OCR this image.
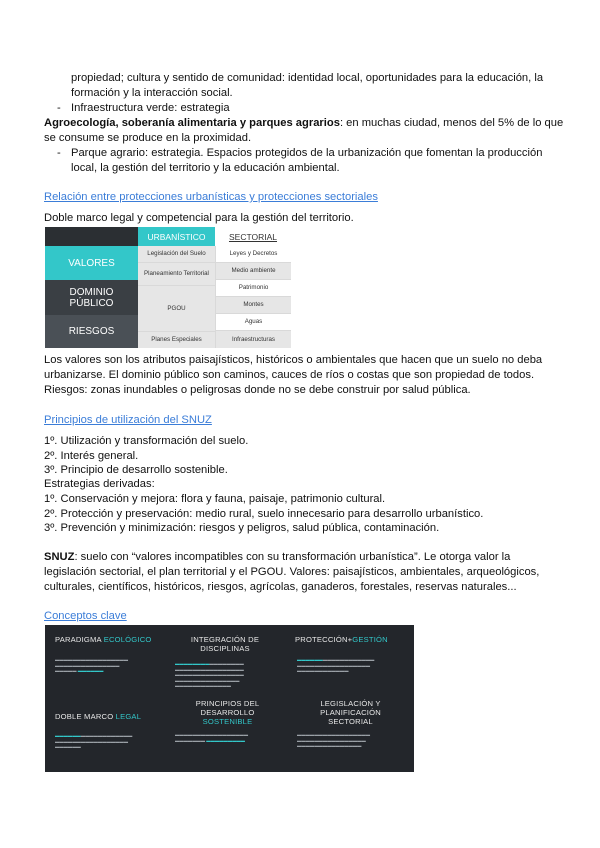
propiedad; cultura y sentido de comunidad: identidad local, oportunidades para la educación, la
formación y la interacción social.
- Infraestructura verde: estrategia
Agroecología, soberanía alimentaria y parques agrarios: en muchas ciudad, menos del 5% de lo que
se consume se produce en la proximidad.
- Parque agrario: estrategia. Espacios protegidos de la urbanización que fomentan la producción
local, la gestión del territorio y la educación ambiental.
Relación entre protecciones urbanísticas y protecciones sectoriales
Doble marco legal y competencial para la gestión del territorio.
URBANÍSTICO	SECTORIAL
VALORES
DOMINIO PÚBLICO
RIESGOS
Legislación del Suelo
Planeamiento Territorial
PGOU
Planes Especiales
Leyes y Decretos
Medio ambiente
Patrimonio
Montes
Aguas
Infraestructuras
Los valores son los atributos paisajísticos, históricos o ambientales que hacen que un suelo no deba
urbanizarse. El dominio público son caminos, cauces de ríos o costas que son propiedad de todos.
Riesgos: zonas inundables o peligrosas donde no se debe construir por salud pública.
Principios de utilización del SNUZ
1º. Utilización y transformación del suelo.
2º. Interés general.
3º. Principio de desarrollo sostenible.
Estrategias derivadas:
1º. Conservación y mejora: flora y fauna, paisaje, patrimonio cultural.
2º. Protección y preservación: medio rural, suelo innecesario para desarrollo urbanístico.
3º. Prevención y minimización: riesgos y peligros, salud pública, contaminación.
SNUZ: suelo con “valores incompatibles con su transformación urbanística”. Le otorga valor la
legislación sectorial, el plan territorial y el PGOU. Valores: paisajísticos, ambientales, arqueológicos,
culturales, científicos, históricos, riesgos, agrícolas, ganaderos, forestales, reservas naturales...
Conceptos clave
PARADIGMA ECOLÓGICO
▬▬▬▬▬▬▬▬▬▬▬▬▬▬▬▬▬
▬▬▬▬▬▬▬▬▬▬▬▬▬▬▬
▬▬▬▬▬ ▬▬▬▬▬▬
INTEGRACIÓN DE DISCIPLINAS
▬▬▬▬▬▬▬▬▬▬▬▬▬▬▬▬
▬▬▬▬▬▬▬▬▬▬▬▬▬▬▬▬
▬▬▬▬▬▬▬▬▬▬▬▬▬▬▬▬
▬▬▬▬▬▬▬▬▬▬▬▬▬▬▬
▬▬▬▬▬▬▬▬▬▬▬▬▬
PROTECCIÓN+GESTIÓN
▬▬▬▬▬▬▬▬▬▬▬▬▬▬▬▬▬▬
▬▬▬▬▬▬▬▬▬▬▬▬▬▬▬▬▬
▬▬▬▬▬▬▬▬▬▬▬▬
DOBLE MARCO LEGAL
▬▬▬▬▬▬▬▬▬▬▬▬▬▬▬▬▬▬
▬▬▬▬▬▬▬▬▬▬▬▬▬▬▬▬▬
▬▬▬▬▬▬
PRINCIPIOS DEL DESARROLLO
SOSTENIBLE
▬▬▬▬▬▬▬▬▬▬▬▬▬▬▬▬▬
▬▬▬▬▬▬▬ ▬▬▬▬▬▬▬▬▬
LEGISLACIÓN Y PLANIFICACIÓN SECTORIAL
▬▬▬▬▬▬▬▬▬▬▬▬▬▬▬▬▬
▬▬▬▬▬▬▬▬▬▬▬▬▬▬▬▬
▬▬▬▬▬▬▬▬▬▬▬▬▬▬▬
